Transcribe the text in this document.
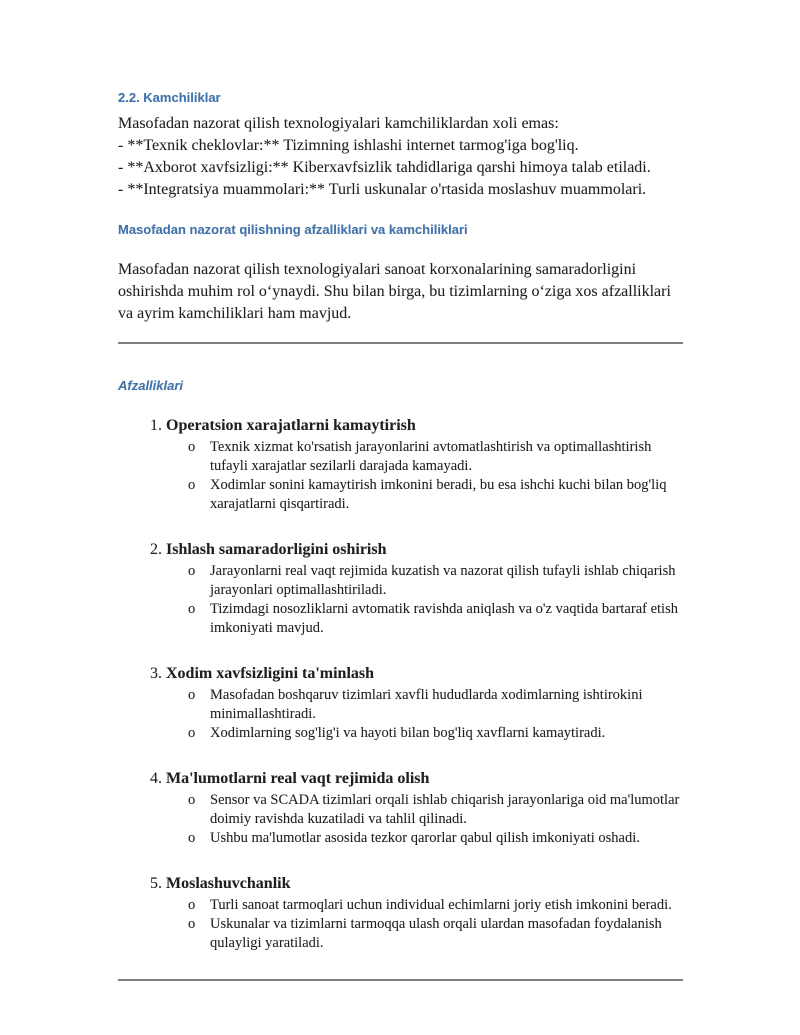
2.2. Kamchiliklar
Masofadan nazorat qilish texnologiyalari kamchiliklardan xoli emas:
- **Texnik cheklovlar:** Tizimning ishlashi internet tarmog'iga bog'liq.
- **Axborot xavfsizligi:** Kiberxavfsizlik tahdidlariga qarshi himoya talab etiladi.
- **Integratsiya muammolari:** Turli uskunalar o'rtasida moslashuv muammolari.
Masofadan nazorat qilishning afzalliklari va kamchiliklari

Masofadan nazorat qilish texnologiyalari sanoat korxonalarining samaradorligini oshirishda muhim rol o‘ynaydi. Shu bilan birga, bu tizimlarning o‘ziga xos afzalliklari va ayrim kamchiliklari ham mavjud.

Afzalliklari
1. Operatsion xarajatlarni kamaytirish
o	Texnik xizmat ko'rsatish jarayonlarini avtomatlashtirish va optimallashtirish tufayli xarajatlar sezilarli darajada kamayadi.
o	Xodimlar sonini kamaytirish imkonini beradi, bu esa ishchi kuchi bilan bog'liq xarajatlarni qisqartiradi.
2. Ishlash samaradorligini oshirish
o	Jarayonlarni real vaqt rejimida kuzatish va nazorat qilish tufayli ishlab chiqarish jarayonlari optimallashtiriladi.
o	Tizimdagi nosozliklarni avtomatik ravishda aniqlash va o'z vaqtida bartaraf etish imkoniyati mavjud.
3. Xodim xavfsizligini ta'minlash
o	Masofadan boshqaruv tizimlari xavfli hududlarda xodimlarning ishtirokini minimallashtiradi.
o	Xodimlarning sog'lig'i va hayoti bilan bog'liq xavflarni kamaytiradi.
4. Ma'lumotlarni real vaqt rejimida olish
o	Sensor va SCADA tizimlari orqali ishlab chiqarish jarayonlariga oid ma'lumotlar doimiy ravishda kuzatiladi va tahlil qilinadi.
o	Ushbu ma'lumotlar asosida tezkor qarorlar qabul qilish imkoniyati oshadi.
5. Moslashuvchanlik
o	Turli sanoat tarmoqlari uchun individual echimlarni joriy etish imkonini beradi.
o	Uskunalar va tizimlarni tarmoqqa ulash orqali ulardan masofadan foydalanish qulayligi yaratiladi.
